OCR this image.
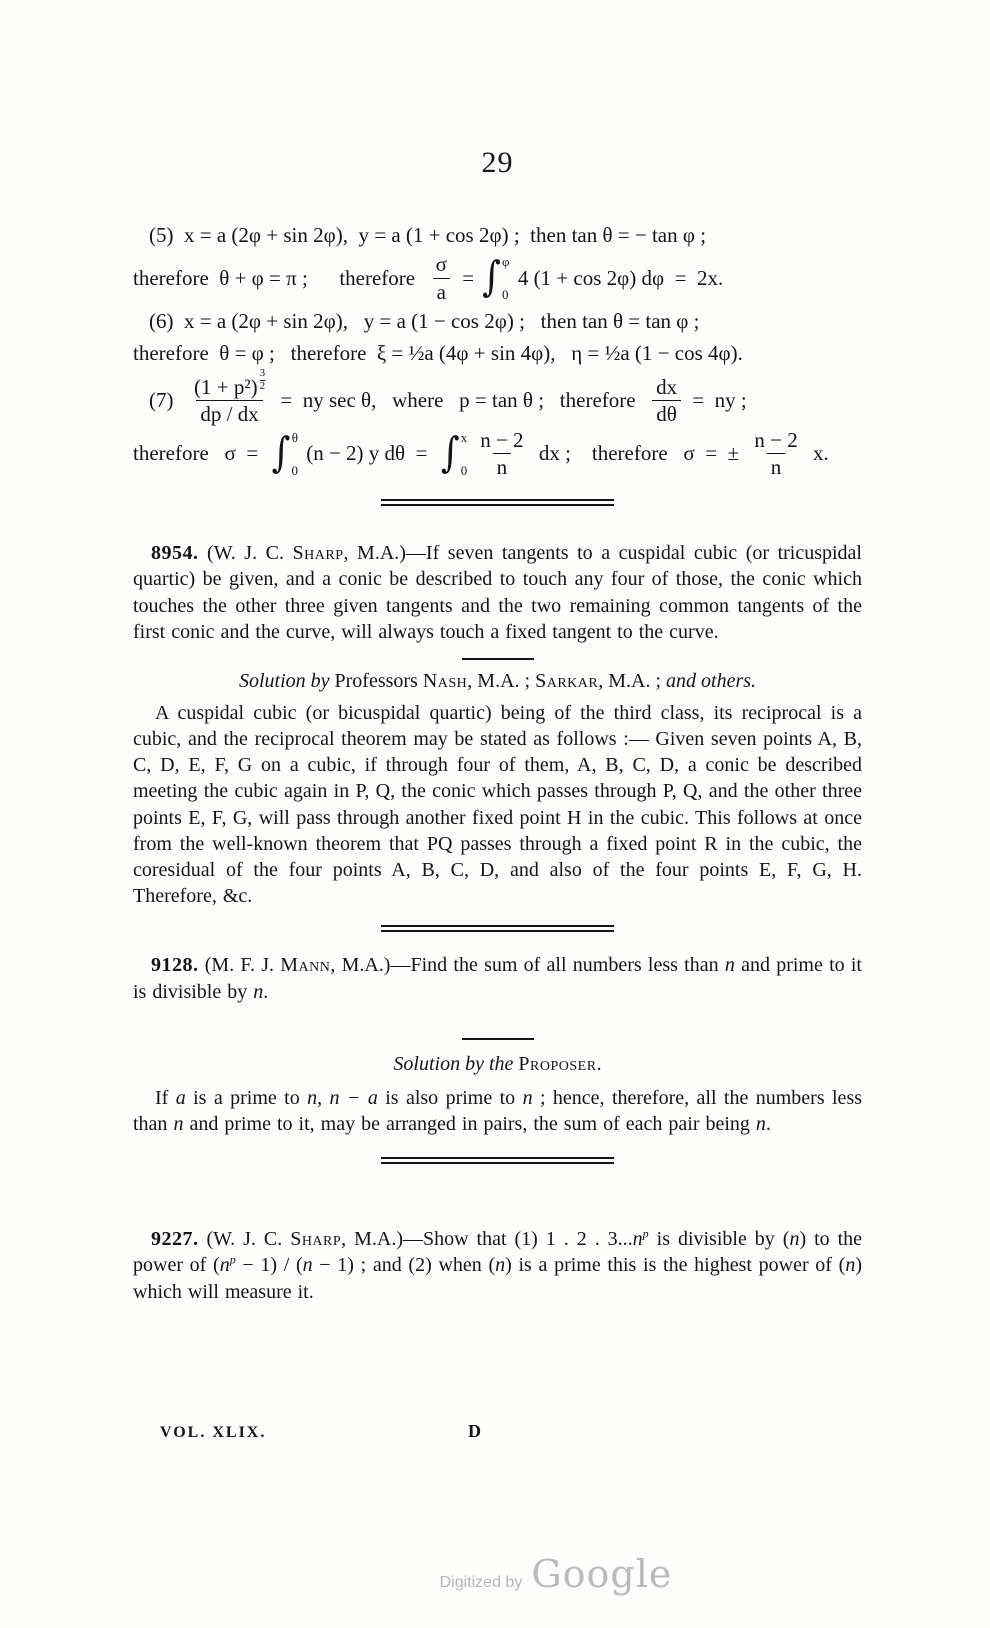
29
(5)  x = a (2φ + sin 2φ),  y = a (1 + cos 2φ) ;  then tan θ = − tan φ ;
therefore  θ + φ = π ;      therefore $\frac{\sigma}{a}$ = ∫ φ
0
4 (1 + cos 2φ) dφ  =  2x.
(6)  x = a (2φ + sin 2φ),   y = a (1 − cos 2φ) ;   then tan θ = tan φ ;
therefore  θ = φ ;   therefore  ξ = ½a (4φ + sin 4φ),   η = ½a (1 − cos 4φ).
$(7) \frac{(1 + p^2) \frac{3}{2}}{dp / dx}$ =  ny sec θ,   where   p = tan θ ;   therefore $\frac{dx}{d\theta}$ =  ny ;
therefore   σ  = ∫ θ
0
(n − 2) y dθ  = ∫ x
$0 \frac{n - 2}{n}$ dx ;    therefore   σ  =  ± $\frac{n - 2}{n} x$.

8954. (W. J. C. Sharp, M.A.)—If seven tangents to a cuspidal cubic (or tricuspidal quartic) be given, and a conic be described to touch any four of those, the conic which touches the other three given tangents and the two remaining common tangents of the first conic and the curve, will always touch a fixed tangent to the curve.

Solution by Professors Nash, M.A. ; Sarkar, M.A. ; and others.

A cuspidal cubic (or bicuspidal quartic) being of the third class, its reciprocal is a cubic, and the reciprocal theorem may be stated as follows :— Given seven points A, B, C, D, E, F, G on a cubic, if through four of them, A, B, C, D, a conic be described meeting the cubic again in P, Q, the conic which passes through P, Q, and the other three points E, F, G, will pass through another fixed point H in the cubic. This follows at once from the well-known theorem that PQ passes through a fixed point R in the cubic, the coresidual of the four points A, B, C, D, and also of the four points E, F, G, H. Therefore, &c.

9128. (M. F. J. Mann, M.A.)—Find the sum of all numbers less than n and prime to it is divisible by n.

Solution by the Proposer.

If a is a prime to n, n − a is also prime to n ; hence, therefore, all the numbers less than n and prime to it, may be arranged in pairs, the sum of each pair being n.

9227. (W. J. C. Sharp, M.A.)—Show that (1) 1 . 2 . $3...n^p$ is divisible by (n) to the power of $(n^p - 1) / (n - 1)$ ; and (2) when (n) is a prime this is the highest power of (n) which will measure it.

VOL. XLIX.	D
Digitized by Google
